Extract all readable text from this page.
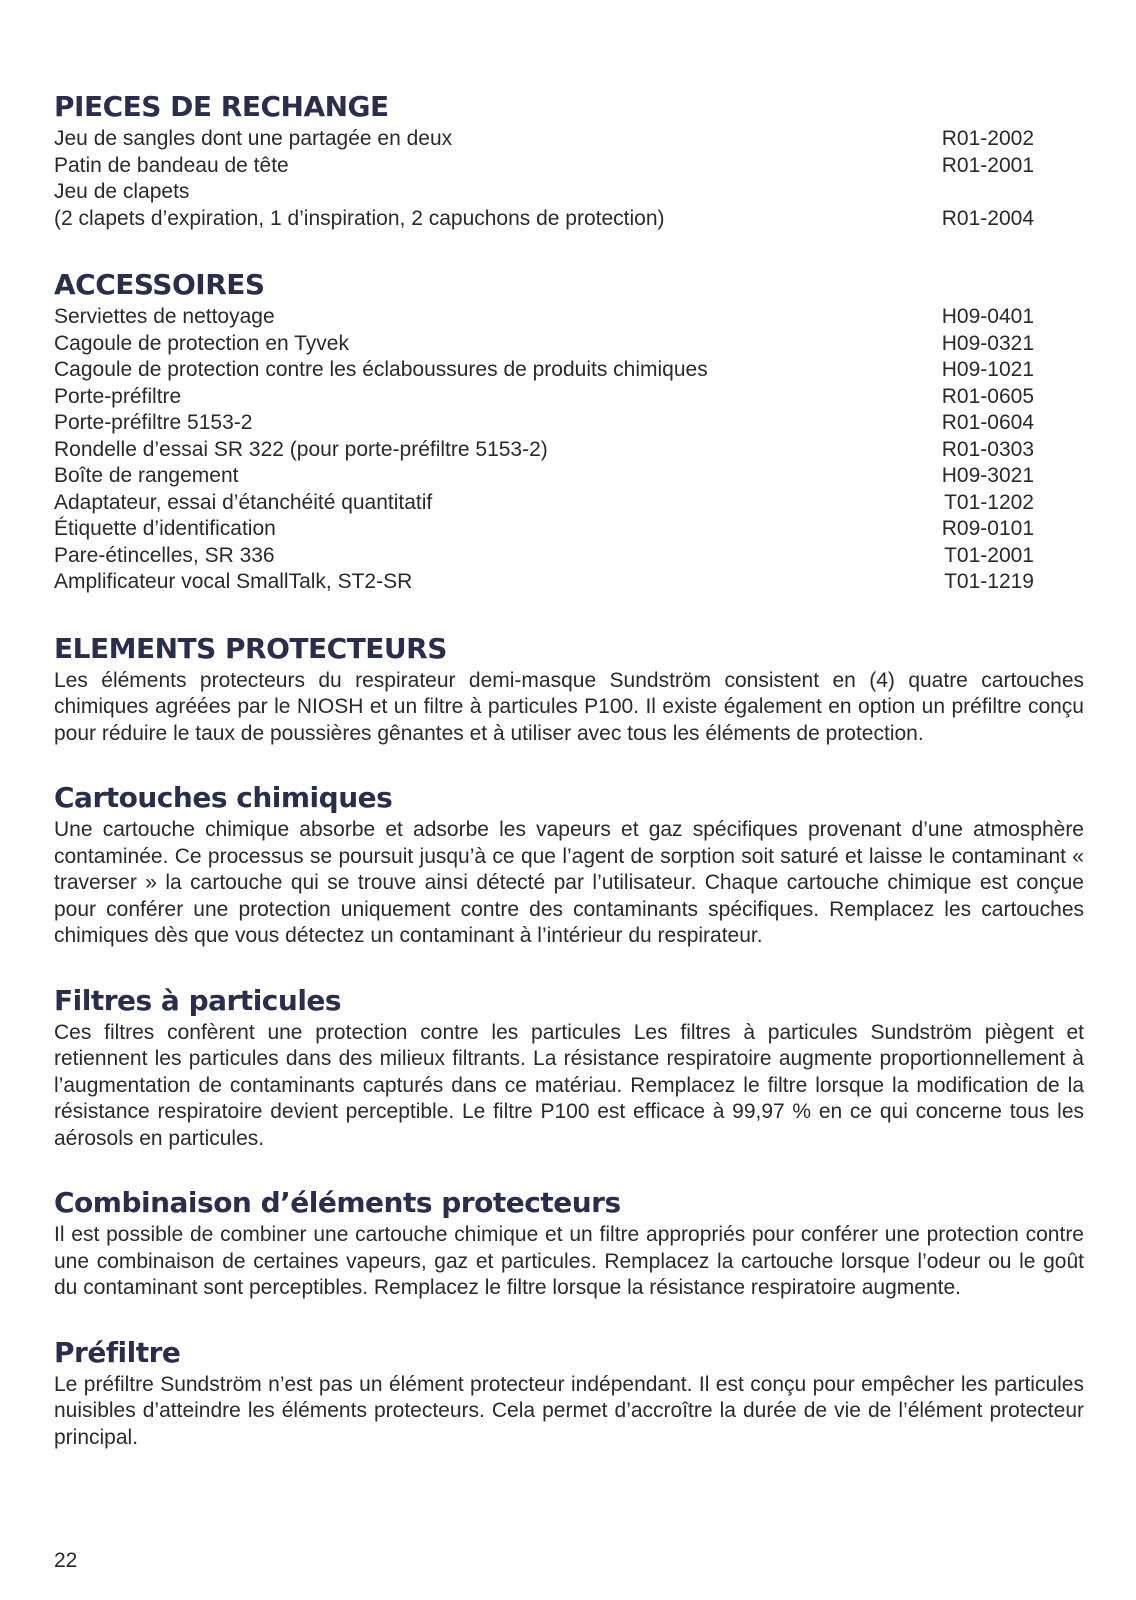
PIECES DE RECHANGE
Jeu de sangles dont une partagée en deux	R01-2002
Patin de bandeau de tête	R01-2001
Jeu de clapets
(2 clapets d’expiration, 1 d’inspiration, 2 capuchons de protection)	R01-2004
ACCESSOIRES
Serviettes de nettoyage	H09-0401
Cagoule de protection en Tyvek	H09-0321
Cagoule de protection contre les éclaboussures de produits chimiques	H09-1021
Porte-préfiltre	R01-0605
Porte-préfiltre 5153-2	R01-0604
Rondelle d’essai SR 322 (pour porte-préfiltre 5153-2)	R01-0303
Boîte de rangement	H09-3021
Adaptateur, essai d’étanchéité quantitatif	T01-1202
Étiquette d’identification	R09-0101
Pare-étincelles, SR 336	T01-2001
Amplificateur vocal SmallTalk, ST2-SR	T01-1219
ELEMENTS PROTECTEURS

Les éléments protecteurs du respirateur demi-masque Sundström consistent en (4) quatre cartouches chimiques agréées par le NIOSH et un filtre à particules P100. Il existe également en option un préfiltre conçu pour réduire le taux de poussières gênantes et à utiliser avec tous les éléments de protection.

Cartouches chimiques

Une cartouche chimique absorbe et adsorbe les vapeurs et gaz spécifiques provenant d’une atmosphère contaminée. Ce processus se poursuit jusqu’à ce que l’agent de sorption soit saturé et laisse le contaminant « traverser » la cartouche qui se trouve ainsi détecté par l’utilisateur. Chaque cartouche chimique est conçue pour conférer une protection uniquement contre des contaminants spécifiques. Remplacez les cartouches chimiques dès que vous détectez un contaminant à l’intérieur du respirateur.

Filtres à particules

Ces filtres confèrent une protection contre les particules Les filtres à particules Sundström piègent et retiennent les particules dans des milieux filtrants. La résistance respiratoire augmente proportionnellement à l’augmentation de contaminants capturés dans ce matériau. Remplacez le filtre lorsque la modification de la résistance respiratoire devient perceptible. Le filtre P100 est efficace à 99,97 % en ce qui concerne tous les aérosols en particules.

Combinaison d’éléments protecteurs

Il est possible de combiner une cartouche chimique et un filtre appropriés pour conférer une protection contre une combinaison de certaines vapeurs, gaz et particules. Remplacez la cartouche lorsque l’odeur ou le goût du contaminant sont perceptibles. Remplacez le filtre lorsque la résistance respiratoire augmente.

Préfiltre

Le préfiltre Sundström n’est pas un élément protecteur indépendant. Il est conçu pour empêcher les particules nuisibles d’atteindre les éléments protecteurs. Cela permet d’accroître la durée de vie de l’élément protecteur principal.

22
